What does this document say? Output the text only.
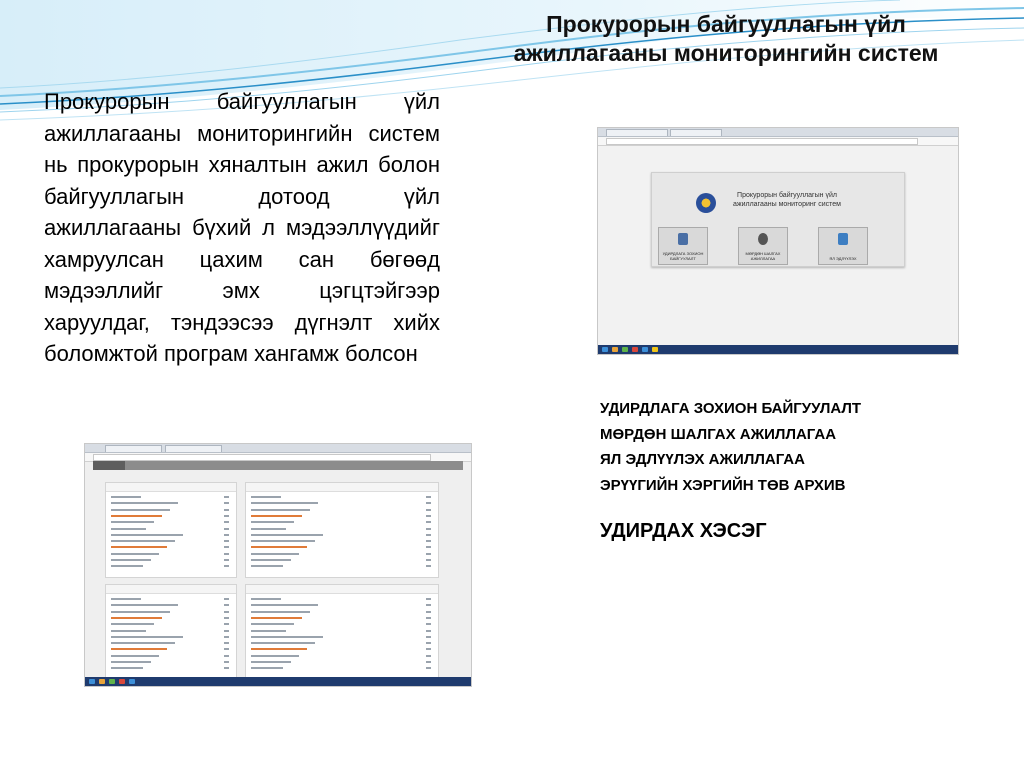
Прокурорын байгууллагын үйл
ажиллагааны мониторингийн систем
Прокурорын байгууллагын үйл ажиллагааны мониторингийн систем нь прокурорын хяналтын ажил болон байгууллагын дотоод үйл ажиллагааны бүхий л мэдээллүүдийг хамруулсан цахим сан бөгөөд мэдээллийг эмх цэгцтэйгээр харуулдаг, тэндээсээ дүгнэлт хийх боломжтой програм хангамж болсон
Прокурорын байгууллагын үйл ажиллагааны мониторинг систем
УДИРДЛАГА ЗОХИОН БАЙГУУЛАЛТ
МӨРДӨН ШАЛГАХ АЖИЛЛАГАА	ЯЛ ЭДЛҮҮЛЭХ
УДИРДЛАГА ЗОХИОН БАЙГУУЛАЛТ
МӨРДӨН ШАЛГАХ АЖИЛЛАГАА
ЯЛ ЭДЛҮҮЛЭХ АЖИЛЛАГАА
ЭРҮҮГИЙН ХЭРГИЙН ТӨВ АРХИВ
УДИРДАХ ХЭСЭГ
